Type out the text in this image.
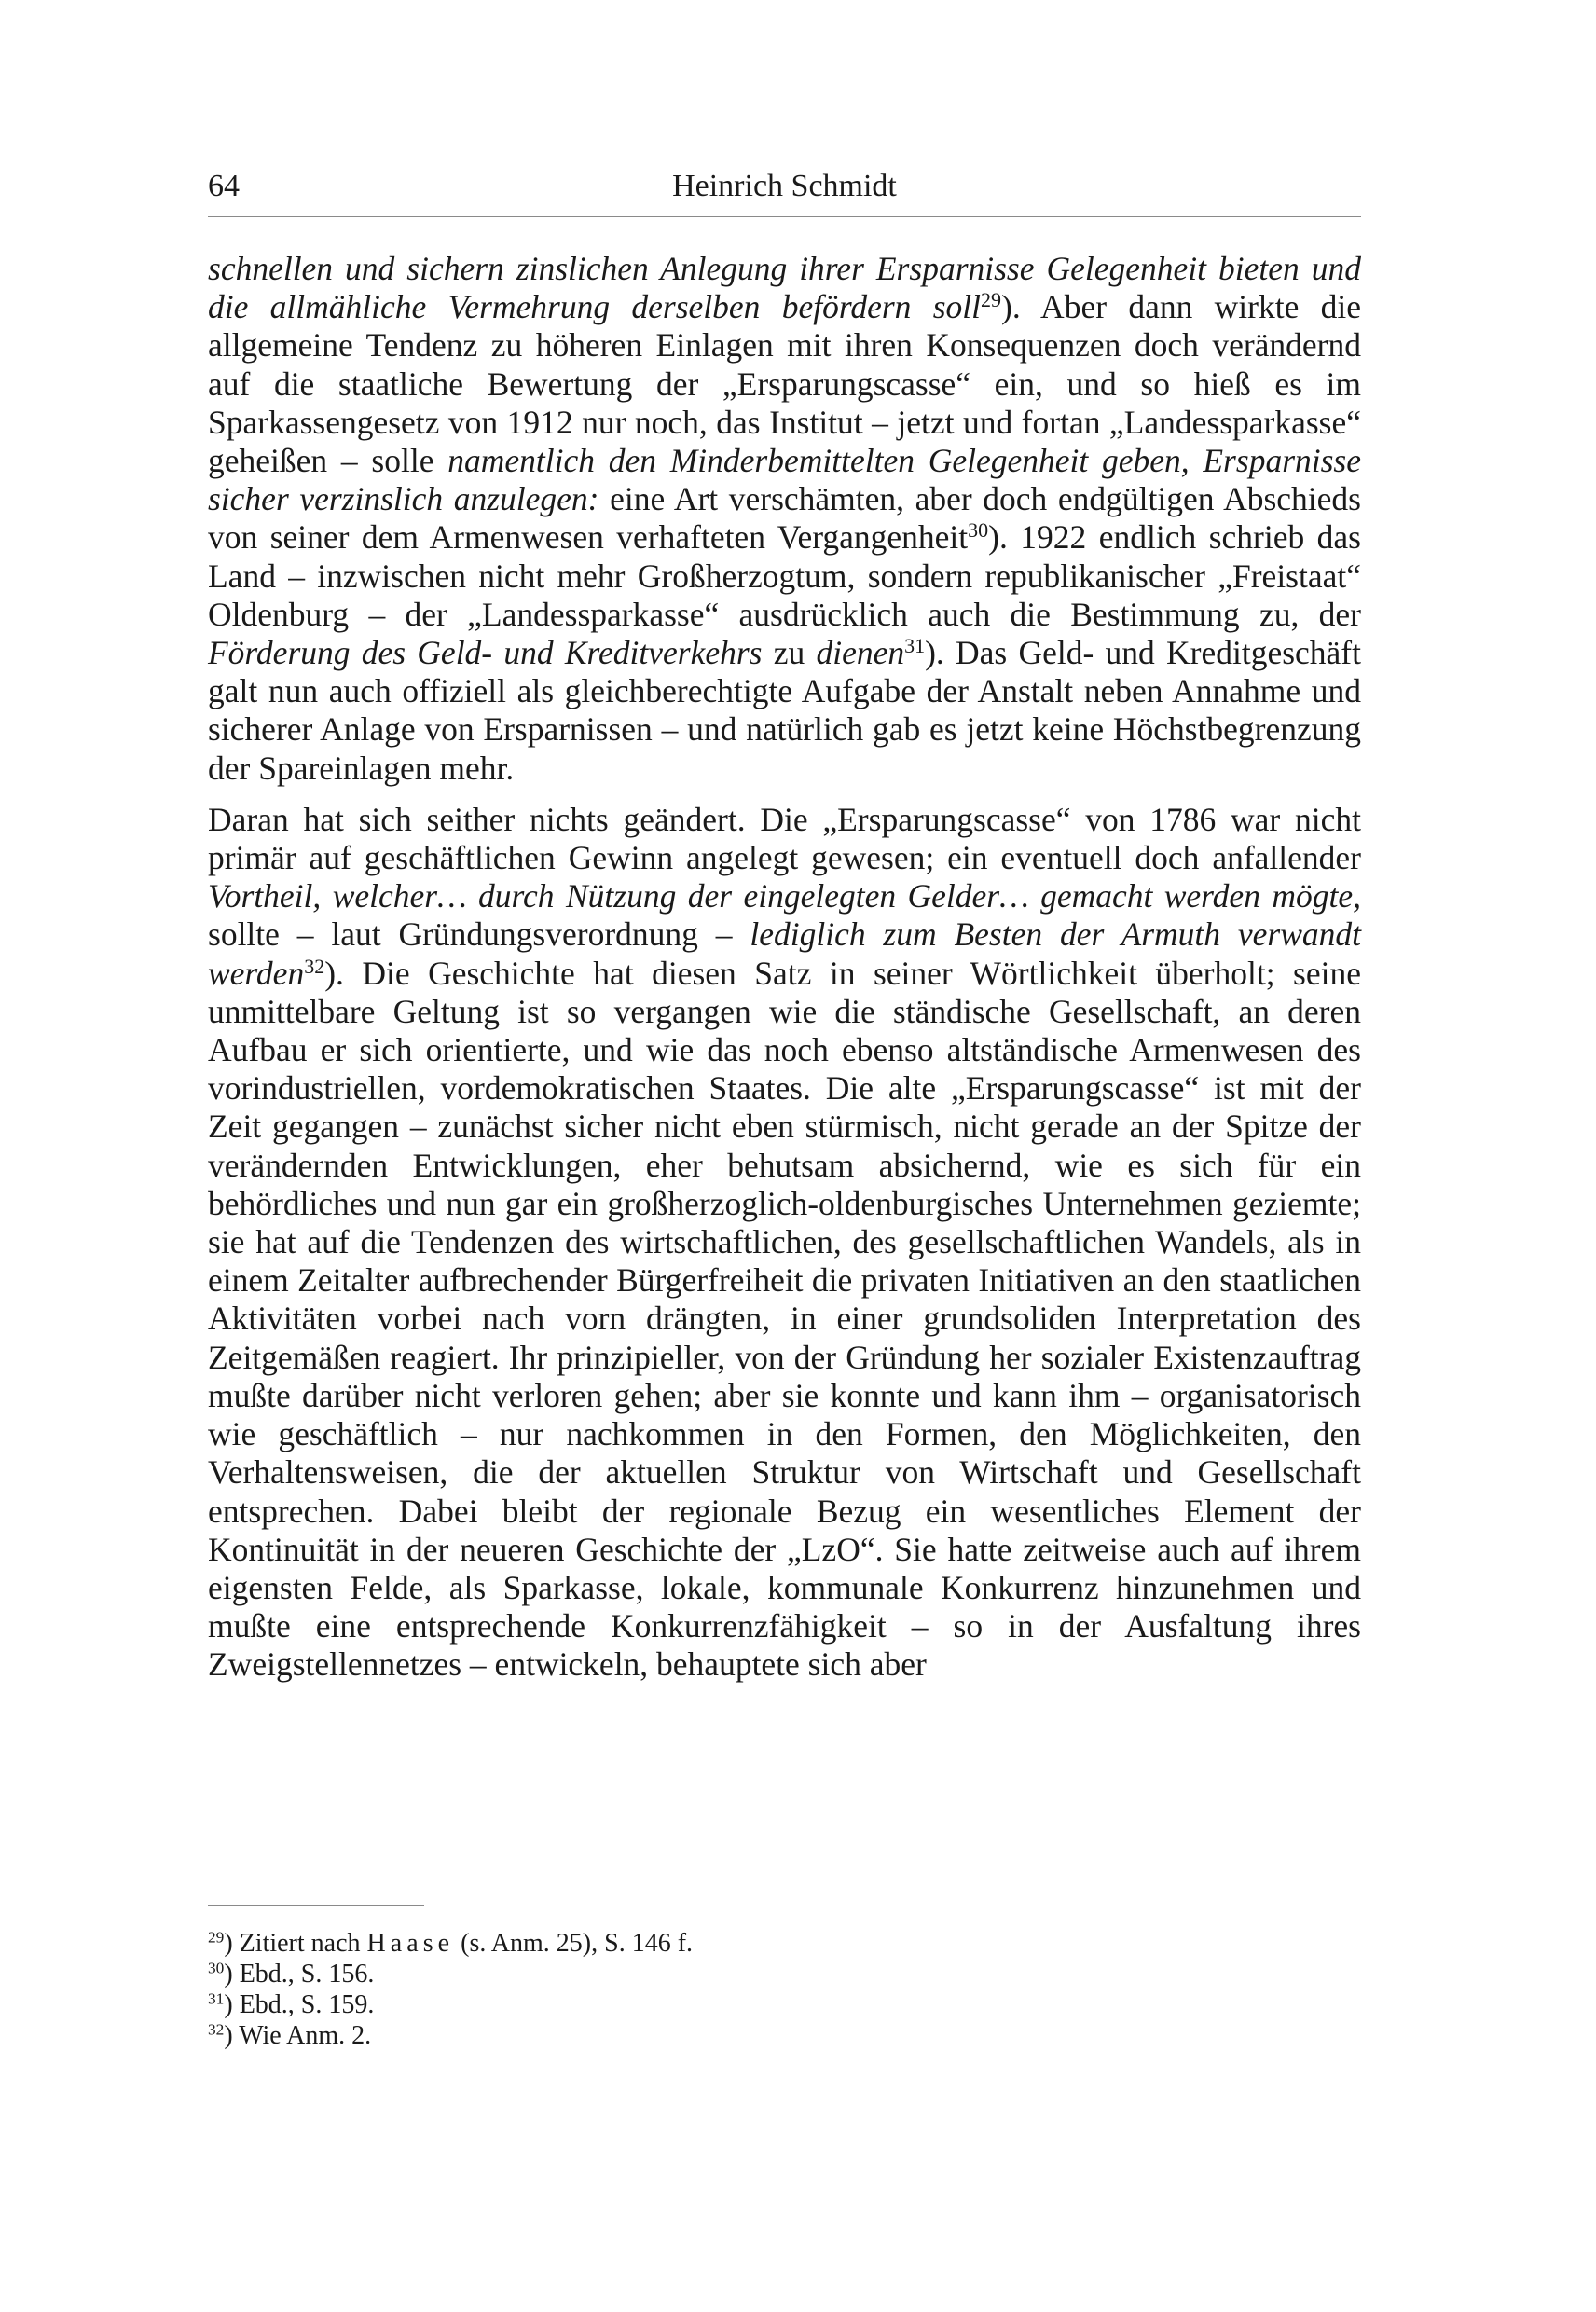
64	Heinrich Schmidt

schnellen und sichern zinslichen Anlegung ihrer Ersparnisse Gelegenheit bieten und die allmähliche Vermehrung derselben befördern soll$^{29}$). Aber dann wirkte die allgemeine Tendenz zu höheren Einlagen mit ihren Konsequenzen doch verändernd auf die staatliche Bewertung der „Ersparungscasse“ ein, und so hieß es im Sparkassengesetz von 1912 nur noch, das Institut – jetzt und fortan „Landessparkasse“ geheißen – solle namentlich den Minderbemittelten Gelegenheit geben, Ersparnisse sicher verzinslich anzulegen: eine Art verschämten, aber doch endgültigen Abschieds von seiner dem Armenwesen verhafteten Vergangenheit$^{30}$). 1922 endlich schrieb das Land – inzwischen nicht mehr Großherzogtum, sondern republikanischer „Freistaat“ Oldenburg – der „Landessparkasse“ ausdrücklich auch die Bestimmung zu, der Förderung des Geld- und Kreditverkehrs zu dienen$^{31}$). Das Geld- und Kreditgeschäft galt nun auch offiziell als gleichberechtigte Aufgabe der Anstalt neben Annahme und sicherer Anlage von Ersparnissen – und natürlich gab es jetzt keine Höchstbegrenzung der Spareinlagen mehr.

Daran hat sich seither nichts geändert. Die „Ersparungscasse“ von 1786 war nicht primär auf geschäftlichen Gewinn angelegt gewesen; ein eventuell doch anfallender Vortheil, welcher… durch Nützung der eingelegten Gelder… gemacht werden mögte, sollte – laut Gründungsverordnung – lediglich zum Besten der Armuth verwandt werden$^{32}$). Die Geschichte hat diesen Satz in seiner Wörtlichkeit überholt; seine unmittelbare Geltung ist so vergangen wie die ständische Gesellschaft, an deren Aufbau er sich orientierte, und wie das noch ebenso altständische Armenwesen des vorindustriellen, vordemokratischen Staates. Die alte „Ersparungscasse“ ist mit der Zeit gegangen – zunächst sicher nicht eben stürmisch, nicht gerade an der Spitze der verändernden Entwicklungen, eher behutsam absichernd, wie es sich für ein behördliches und nun gar ein großherzoglich-oldenburgisches Unternehmen geziemte; sie hat auf die Tendenzen des wirtschaftlichen, des gesellschaftlichen Wandels, als in einem Zeitalter aufbrechender Bürgerfreiheit die privaten Initiativen an den staatlichen Aktivitäten vorbei nach vorn drängten, in einer grundsoliden Interpretation des Zeitgemäßen reagiert. Ihr prinzipieller, von der Gründung her sozialer Existenzauftrag mußte darüber nicht verloren gehen; aber sie konnte und kann ihm – organisatorisch wie geschäftlich – nur nachkommen in den Formen, den Möglichkeiten, den Verhaltensweisen, die der aktuellen Struktur von Wirtschaft und Gesellschaft entsprechen. Dabei bleibt der regionale Bezug ein wesentliches Element der Kontinuität in der neueren Geschichte der „LzO“. Sie hatte zeitweise auch auf ihrem eigensten Felde, als Sparkasse, lokale, kommunale Konkurrenz hinzunehmen und mußte eine entsprechende Konkurrenzfähigkeit – so in der Ausfaltung ihres Zweigstellennetzes – entwickeln, behauptete sich aber

$^{29}$) Zitiert nach Haase (s. Anm. 25), S. 146 f.
$^{30}$) Ebd., S. 156.
$^{31}$) Ebd., S. 159.
$^{32}$) Wie Anm. 2.
